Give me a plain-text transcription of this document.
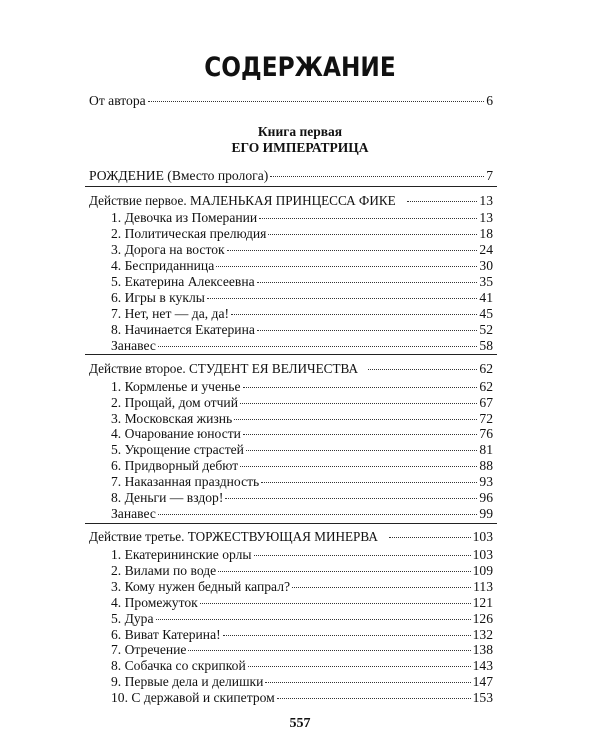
СОДЕРЖАНИЕ
От автора	6
Книга первая
ЕГО ИМПЕРАТРИЦА
РОЖДЕНИЕ (Вместо пролога)	7
Действие первое. МАЛЕНЬКАЯ ПРИНЦЕССА ФИКЕ	13
1. Девочка из Померании	13
2. Политическая прелюдия	18
3. Дорога на восток	24
4. Бесприданница	30
5. Екатерина Алексеевна	35
6. Игры в куклы	41
7. Нет, нет — да, да!	45
8. Начинается Екатерина	52
Занавес	58
Действие второе. СТУДЕНТ ЕЯ ВЕЛИЧЕСТВА	62
1. Кормленье и ученье	62
2. Прощай, дом отчий	67
3. Московская жизнь	72
4. Очарование юности	76
5. Укрощение страстей	81
6. Придворный дебют	88
7. Наказанная праздность	93
8. Деньги — вздор!	96
Занавес	99
Действие третье. ТОРЖЕСТВУЮЩАЯ МИНЕРВА	103
1. Екатерининские орлы	103
2. Вилами по воде	109
3. Кому нужен бедный капрал?	113
4. Промежуток	121
5. Дура	126
6. Виват Катерина!	132
7. Отречение	138
8. Собачка со скрипкой	143
9. Первые дела и делишки	147
10. С державой и скипетром	153
557
